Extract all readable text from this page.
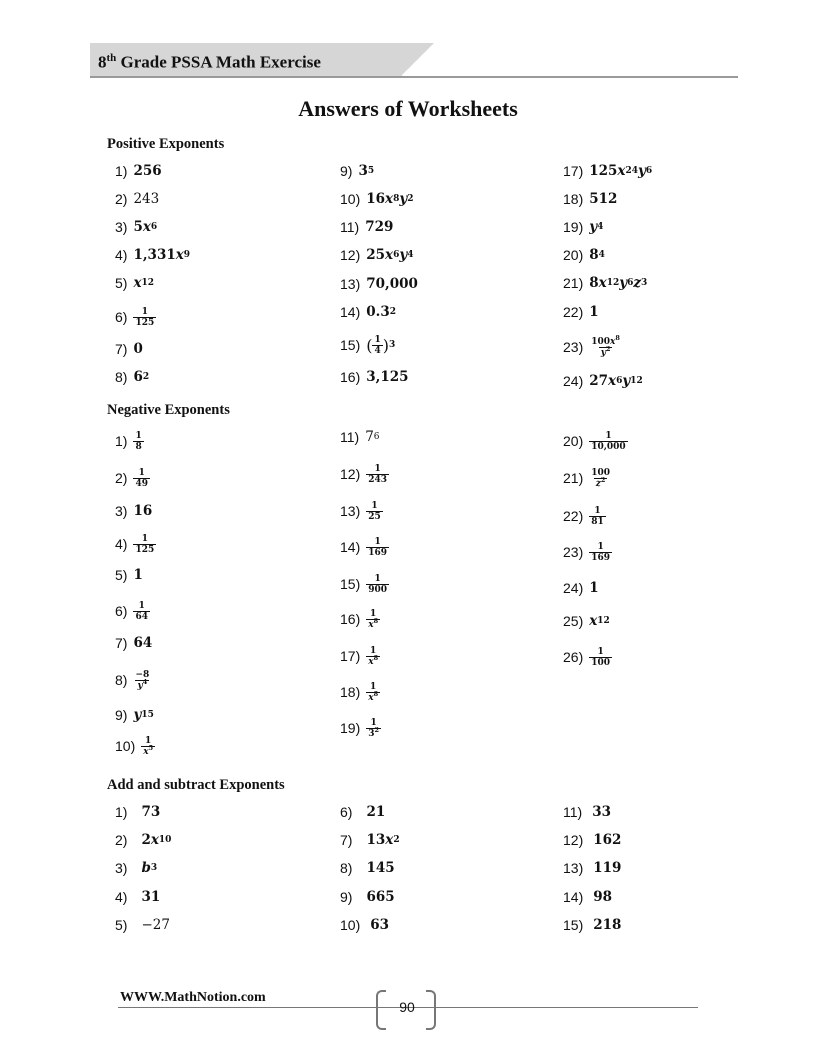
8th Grade PSSA Math Exercise
Answers of Worksheets
Positive Exponents
1) 256
2) 243
3) 5 x 6
4) 1,331 x 9
5) x 12
$6) \frac{1}{125}$
7) 0
8) 6 2
9) 3 5
10) 16 x 8 y 2
11) 729
12) 25 x 6 y 4
13) 70,000
14) 0.3 2
15) ( $\frac{1}{4}$ ) 3
16) 3,125
17) 125 x 24 y 6
18) 512
19) y 4
20) 8 4
21) 8 x 12 y 6 z 3
22) 1
$23) \frac{100x^8}{y^2}$
24) 27 x 6 y 12
Negative Exponents
$1) \frac{1}{8}$
$2) \frac{1}{49}$
3) 16
$4) \frac{1}{125}$
5) 1
$6) \frac{1}{64}$
7) 64
$8) \frac{-8}{y^4}$
9) y 15
$10) \frac{1}{x^5}$
11) 7 6
$12) \frac{1}{243}$
$13) \frac{1}{25}$
$14) \frac{1}{169}$
$15) \frac{1}{900}$
$16) \frac{1}{x^8}$
$17) \frac{1}{x^8}$
$18) \frac{1}{x^8}$
$19) \frac{1}{3^2}$
$20) \frac{1}{10,000}$
$21) \frac{100}{z^2}$
$22) \frac{1}{81}$
$23) \frac{1}{169}$
24) 1
25) x 12
$26) \frac{1}{100}$
Add and subtract Exponents
1) 73
2) 2 x 10
3) b 3
4) 31
5) −27
6) 21
7) 13 x 2
8) 145
9) 665
10) 63
11) 33
12) 162
13) 119
14) 98
15) 218
WWW.MathNotion.com
90
